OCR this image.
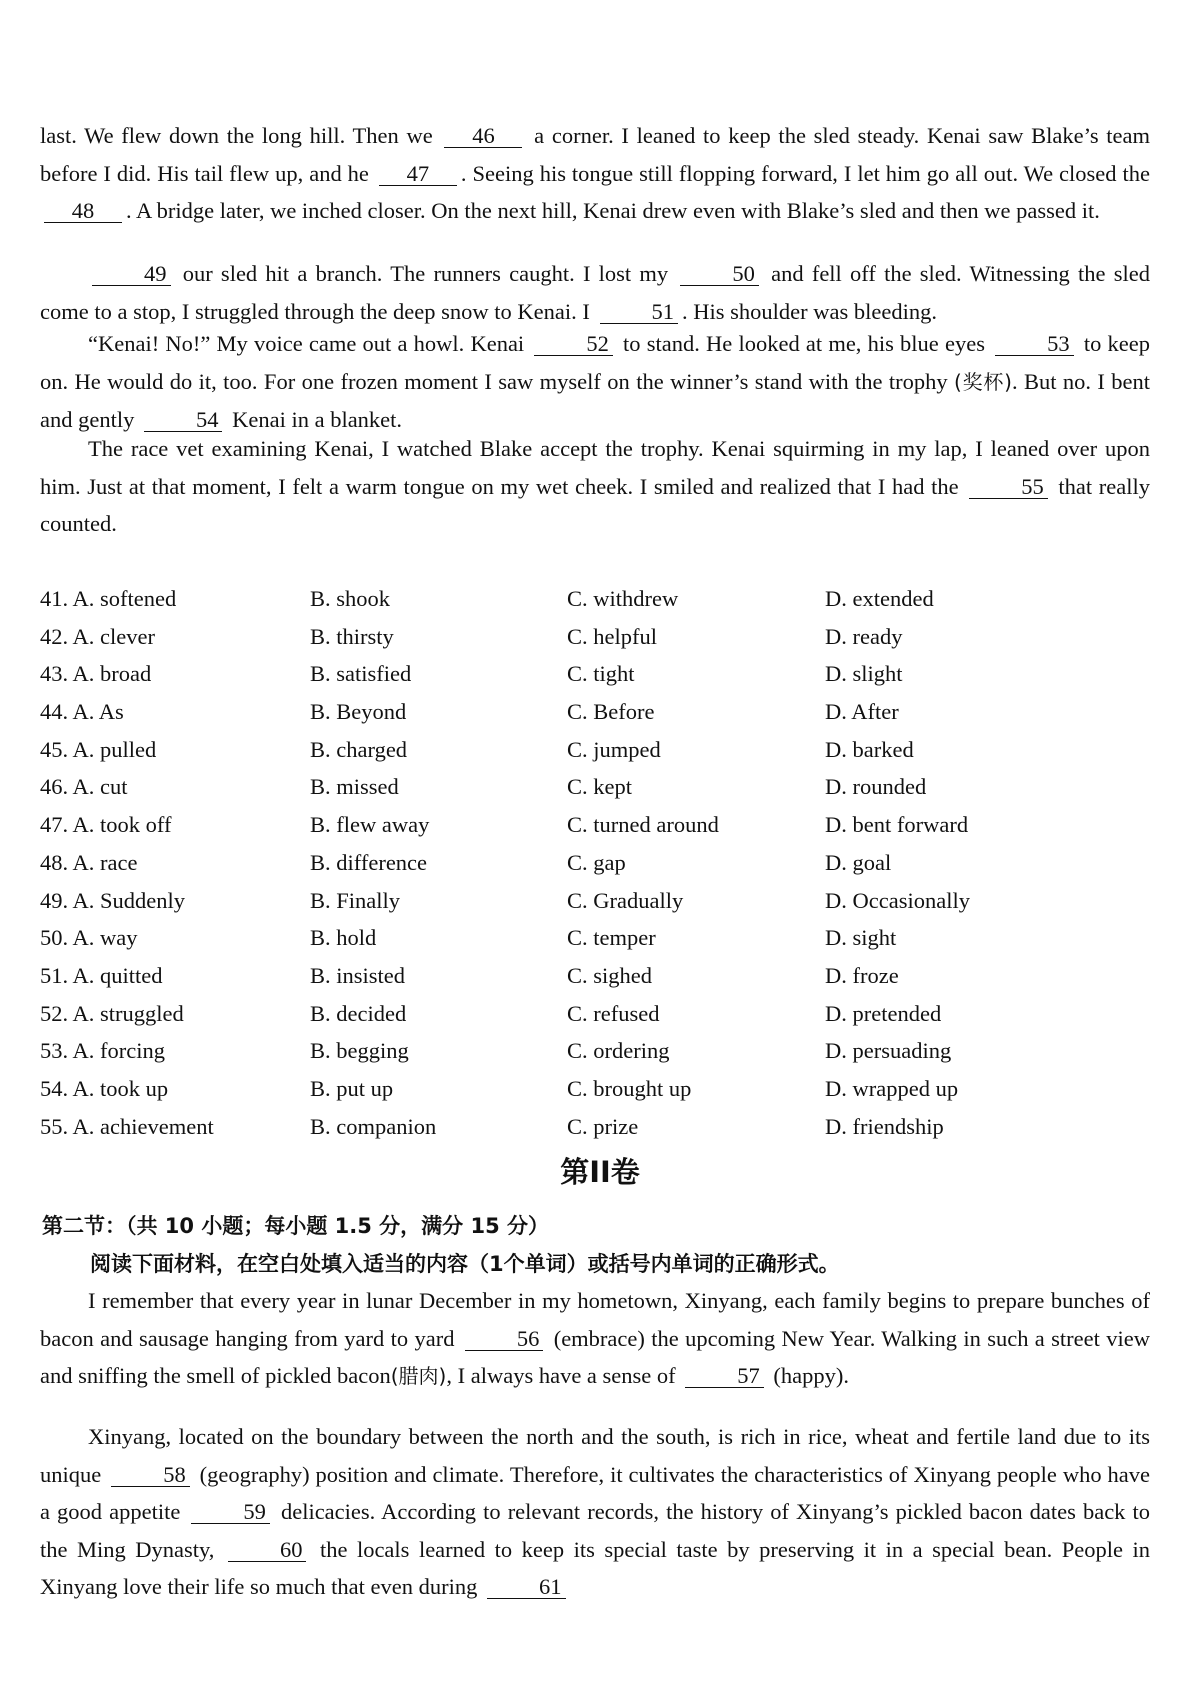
last. We flew down the long hill. Then we 46 a corner. I leaned to keep the sled steady. Kenai saw Blake’s team before I did. His tail flew up, and he 47 . Seeing his tongue still flopping forward, I let him go all out. We closed the 48 . A bridge later, we inched closer. On the next hill, Kenai drew even with Blake’s sled and then we passed it.
49 our sled hit a branch. The runners caught. I lost my 50 and fell off the sled. Witnessing the sled come to a stop, I struggled through the deep snow to Kenai. I 51 . His shoulder was bleeding.
“Kenai! No!” My voice came out a howl. Kenai 52 to stand. He looked at me, his blue eyes 53 to keep on. He would do it, too. For one frozen moment I saw myself on the winner’s stand with the trophy (奖杯). But no. I bent and gently 54 Kenai in a blanket.
The race vet examining Kenai, I watched Blake accept the trophy. Kenai squirming in my lap, I leaned over upon him. Just at that moment, I felt a warm tongue on my wet cheek. I smiled and realized that I had the 55 that really counted.
41. A. softened	B. shook	C. withdrew	D. extended
42. A. clever	B. thirsty	C. helpful	D. ready
43. A. broad	B. satisfied	C. tight	D. slight
44. A. As	B. Beyond	C. Before	D. After
45. A. pulled	B. charged	C. jumped	D. barked
46. A. cut	B. missed	C. kept	D. rounded
47. A. took off	B. flew away	C. turned around	D. bent forward
48. A. race	B. difference	C. gap	D. goal
49. A. Suddenly	B. Finally	C. Gradually	D. Occasionally
50. A. way	B. hold	C. temper	D. sight
51. A. quitted	B. insisted	C. sighed	D. froze
52. A. struggled	B. decided	C. refused	D. pretended
53. A. forcing	B. begging	C. ordering	D. persuading
54. A. took up	B. put up	C. brought up	D. wrapped up
55. A. achievement	B. companion	C. prize	D. friendship
第II卷
第二节：（共 10 小题；每小题 1.5 分，满分 15 分）
阅读下面材料，在空白处填入适当的内容（1个单词）或括号内单词的正确形式。
I remember that every year in lunar December in my hometown, Xinyang, each family begins to prepare bunches of bacon and sausage hanging from yard to yard 56 (embrace) the upcoming New Year. Walking in such a street view and sniffing the smell of pickled bacon(腊肉), I always have a sense of 57 (happy).
Xinyang, located on the boundary between the north and the south, is rich in rice, wheat and fertile land due to its unique 58 (geography) position and climate. Therefore, it cultivates the characteristics of Xinyang people who have a good appetite 59 delicacies. According to relevant records, the history of Xinyang’s pickled bacon dates back to the Ming Dynasty, 60 the locals learned to keep its special taste by preserving it in a special bean. People in Xinyang love their life so much that even during 61
